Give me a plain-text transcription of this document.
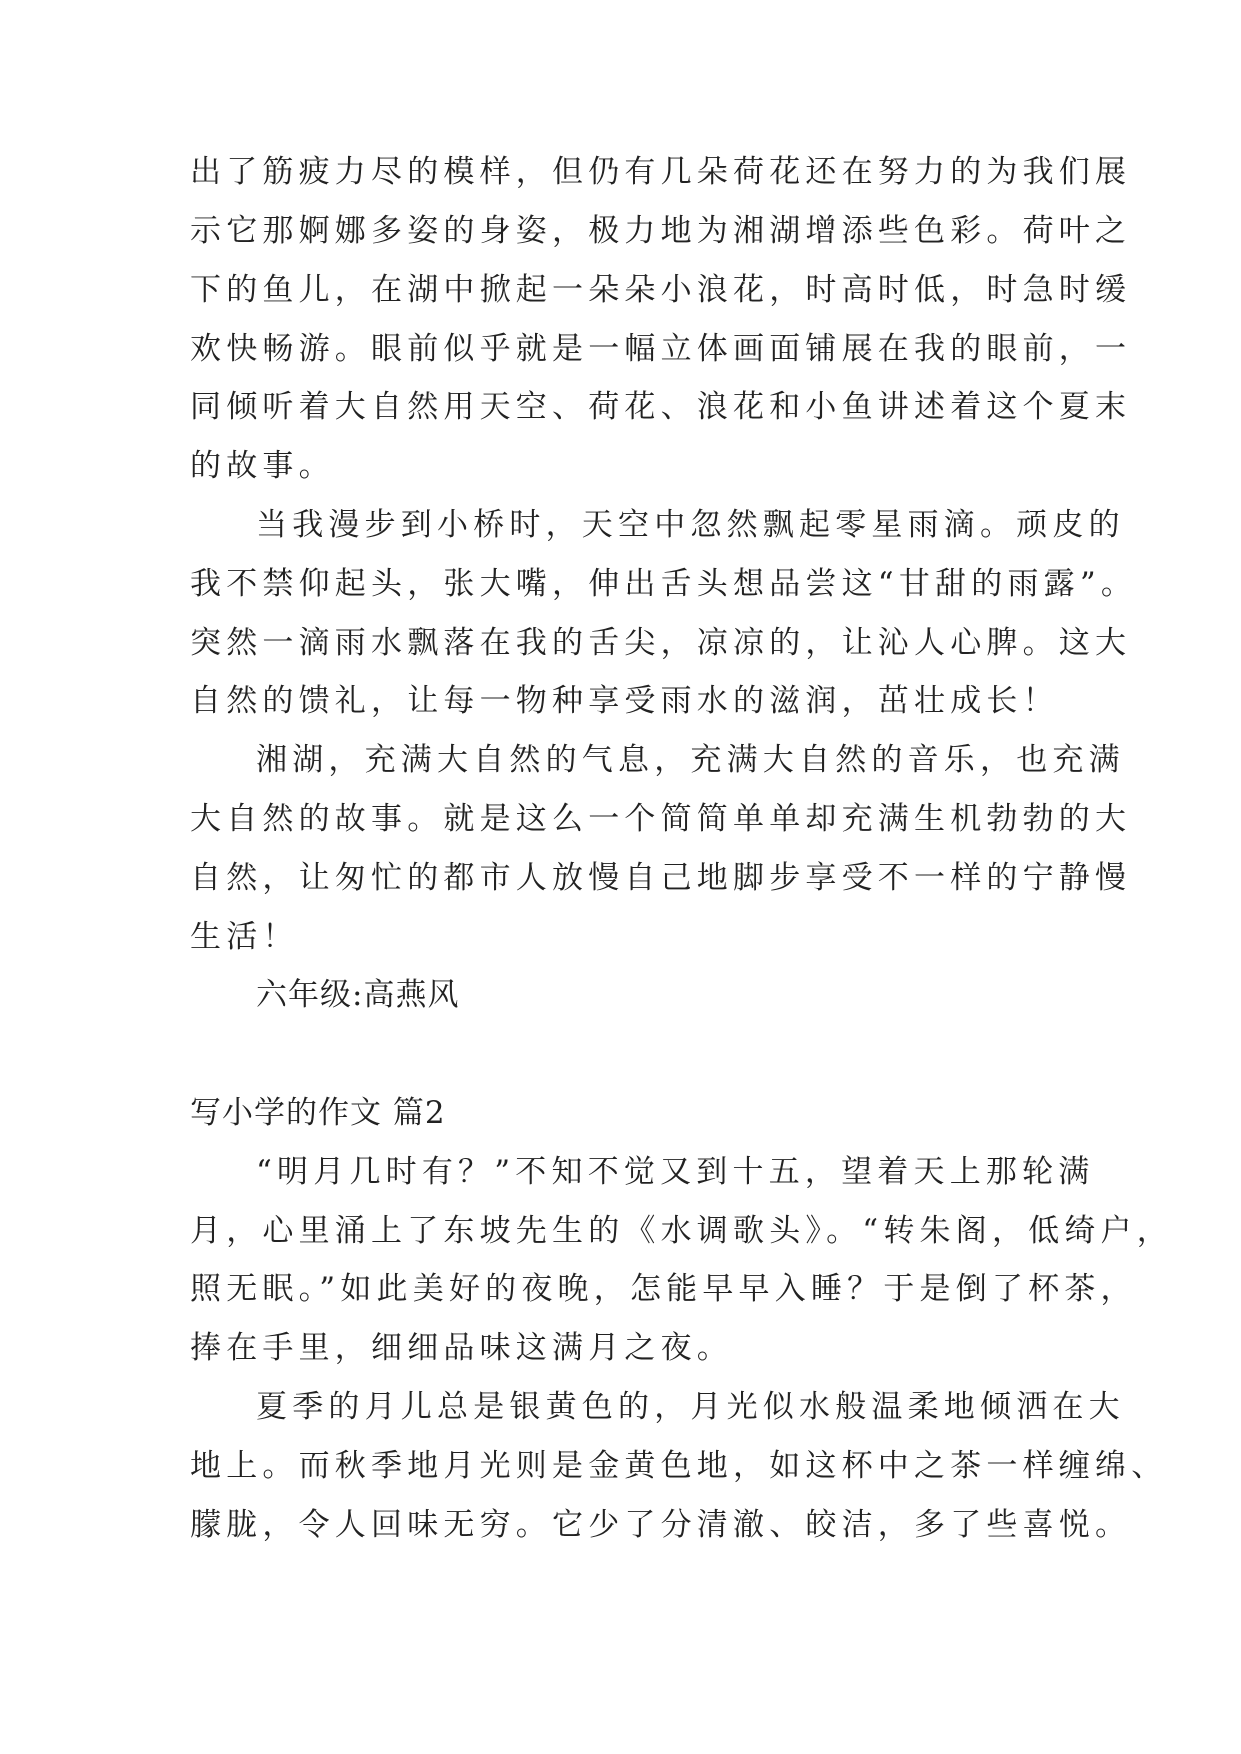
出了筋疲力尽的模样，但仍有几朵荷花还在努力的为我们展
示它那婀娜多姿的身姿，极力地为湘湖增添些色彩。荷叶之
下的鱼儿，在湖中掀起一朵朵小浪花，时高时低，时急时缓
欢快畅游。眼前似乎就是一幅立体画面铺展在我的眼前，一
同倾听着大自然用天空、荷花、浪花和小鱼讲述着这个夏末
的故事。
当我漫步到小桥时，天空中忽然飘起零星雨滴。顽皮的
我不禁仰起头，张大嘴，伸出舌头想品尝这“甘甜的雨露”。
突然一滴雨水飘落在我的舌尖，凉凉的，让沁人心脾。这大
自然的馈礼，让每一物种享受雨水的滋润，茁壮成长！
湘湖，充满大自然的气息，充满大自然的音乐，也充满
大自然的故事。就是这么一个简简单单却充满生机勃勃的大
自然，让匆忙的都市人放慢自己地脚步享受不一样的宁静慢
生活！
六年级:高燕风
写小学的作文 篇2
“明月几时有？”不知不觉又到十五，望着天上那轮满
月，心里涌上了东坡先生的《水调歌头》。“转朱阁，低绮户，
照无眠。”如此美好的夜晚，怎能早早入睡？于是倒了杯茶，
捧在手里，细细品味这满月之夜。
夏季的月儿总是银黄色的，月光似水般温柔地倾洒在大
地上。而秋季地月光则是金黄色地，如这杯中之茶一样缠绵、
朦胧，令人回味无穷。它少了分清澈、皎洁，多了些喜悦。
